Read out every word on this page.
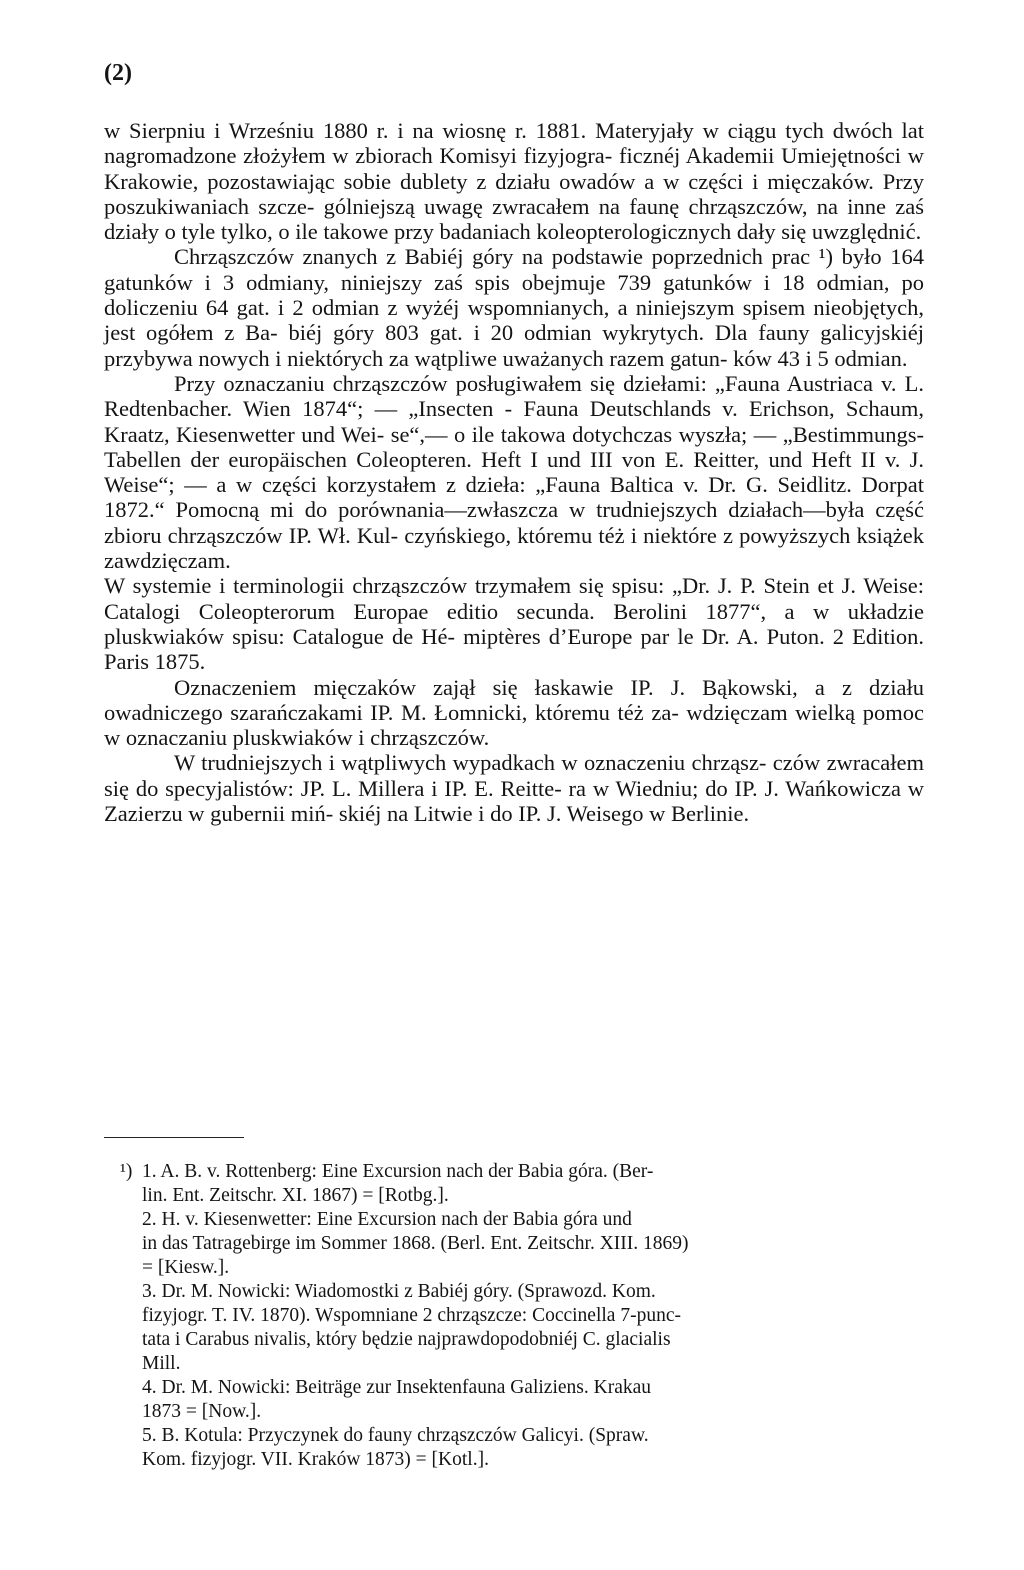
(2)

w Sierpniu i Wrześniu 1880 r. i na wiosnę r. 1881. Materyjały w ciągu tych dwóch lat nagromadzone złożyłem w zbiorach Komisyi fizyjogra- ficznéj Akademii Umiejętności w Krakowie, pozostawiając sobie dublety z działu owadów a w części i mięczaków. Przy poszukiwaniach szcze- gólniejszą uwagę zwracałem na faunę chrząszczów, na inne zaś działy o tyle tylko, o ile takowe przy badaniach koleopterologicznych dały się uwzględnić.

Chrząszczów znanych z Babiéj góry na podstawie poprzednich prac ¹) było 164 gatunków i 3 odmiany, niniejszy zaś spis obejmuje 739 gatunków i 18 odmian, po doliczeniu 64 gat. i 2 odmian z wyżéj wspomnianych, a niniejszym spisem nieobjętych, jest ogółem z Ba- biéj góry 803 gat. i 20 odmian wykrytych. Dla fauny galicyjskiéj przybywa nowych i niektórych za wątpliwe uważanych razem gatun- ków 43 i 5 odmian.

Przy oznaczaniu chrząszczów posługiwałem się dziełami: „Fauna Austriaca v. L. Redtenbacher. Wien 1874“; — „Insecten - Fauna Deutschlands v. Erichson, Schaum, Kraatz, Kiesenwetter und Wei- se“,— o ile takowa dotychczas wyszła; — „Bestimmungs-Tabellen der europäischen Coleopteren. Heft I und III von E. Reitter, und Heft II v. J. Weise“; — a w części korzystałem z dzieła: „Fauna Baltica v. Dr. G. Seidlitz. Dorpat 1872.“ Pomocną mi do porównania—zwłaszcza w trudniejszych działach—była część zbioru chrząszczów IP. Wł. Kul- czyńskiego, któremu téż i niektóre z powyższych książek zawdzięczam.

W systemie i terminologii chrząszczów trzymałem się spisu: „Dr. J. P. Stein et J. Weise: Catalogi Coleopterorum Europae editio secunda. Berolini 1877“, a w układzie pluskwiaków spisu: Catalogue de Hé- miptères d’Europe par le Dr. A. Puton. 2 Edition. Paris 1875.

Oznaczeniem mięczaków zajął się łaskawie IP. J. Bąkowski, a z działu owadniczego szarańczakami IP. M. Łomnicki, któremu téż za- wdzięczam wielką pomoc w oznaczaniu pluskwiaków i chrząszczów.

W trudniejszych i wątpliwych wypadkach w oznaczeniu chrząsz- czów zwracałem się do specyjalistów: JP. L. Millera i IP. E. Reitte- ra w Wiedniu; do IP. J. Wańkowicza w Zazierzu w gubernii miń- skiéj na Litwie i do IP. J. Weisego w Berlinie.

¹) 1. A. B. v. Rottenberg: Eine Excursion nach der Babia góra. (Ber-

lin. Ent. Zeitschr. XI. 1867) = [Rotbg.].

2. H. v. Kiesenwetter: Eine Excursion nach der Babia góra und

in das Tatragebirge im Sommer 1868. (Berl. Ent. Zeitschr. XIII. 1869)

= [Kiesw.].

3. Dr. M. Nowicki: Wiadomostki z Babiéj góry. (Sprawozd. Kom.

fizyjogr. T. IV. 1870). Wspomniane 2 chrząszcze: Coccinella 7-punc-

tata i Carabus nivalis, który będzie najprawdopodobniéj C. glacialis

Mill.

4. Dr. M. Nowicki: Beiträge zur Insektenfauna Galiziens. Krakau

1873 = [Now.].

5. B. Kotula: Przyczynek do fauny chrząszczów Galicyi. (Spraw.

Kom. fizyjogr. VII. Kraków 1873) = [Kotl.].
